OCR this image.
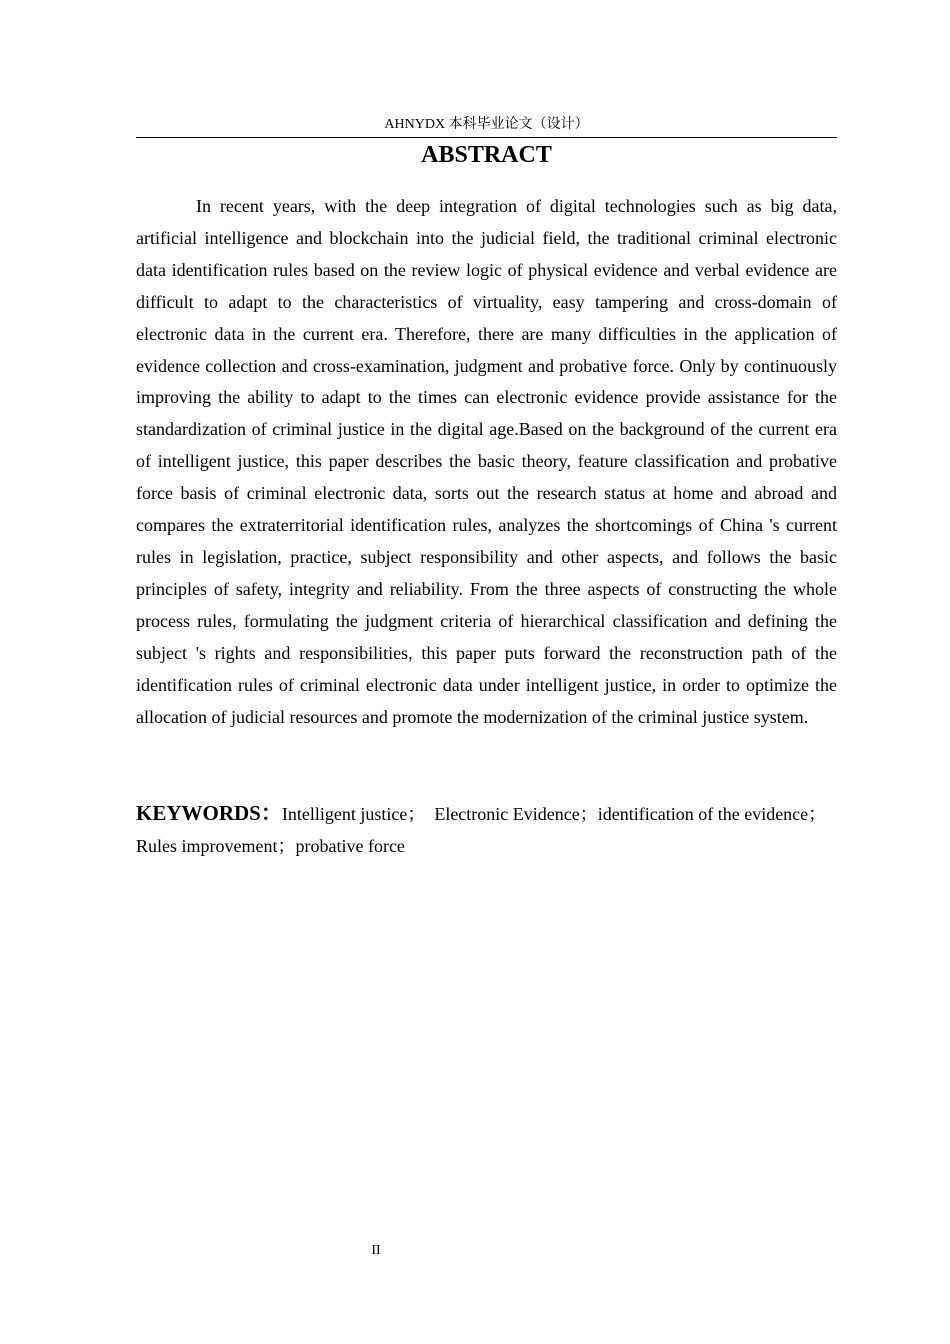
AHNYDX 本科毕业论文（设计）
ABSTRACT

In recent years, with the deep integration of digital technologies such as big data, artificial intelligence and blockchain into the judicial field, the traditional criminal electronic data identification rules based on the review logic of physical evidence and verbal evidence are difficult to adapt to the characteristics of virtuality, easy tampering and cross-domain of electronic data in the current era. Therefore, there are many difficulties in the application of evidence collection and cross-examination, judgment and probative force. Only by continuously improving the ability to adapt to the times can electronic evidence provide assistance for the standardization of criminal justice in the digital age.Based on the background of the current era of intelligent justice, this paper describes the basic theory, feature classification and probative force basis of criminal electronic data, sorts out the research status at home and abroad and compares the extraterritorial identification rules, analyzes the shortcomings of China 's current rules in legislation, practice, subject responsibility and other aspects, and follows the basic principles of safety, integrity and reliability. From the three aspects of constructing the whole process rules, formulating the judgment criteria of hierarchical classification and defining the subject 's rights and responsibilities, this paper puts forward the reconstruction path of the identification rules of criminal electronic data under intelligent justice, in order to optimize the allocation of judicial resources and promote the modernization of the criminal justice system.

KEYWORDS：Intelligent justice；　Electronic Evidence；identification of the evidence；Rules improvement；probative force

II
